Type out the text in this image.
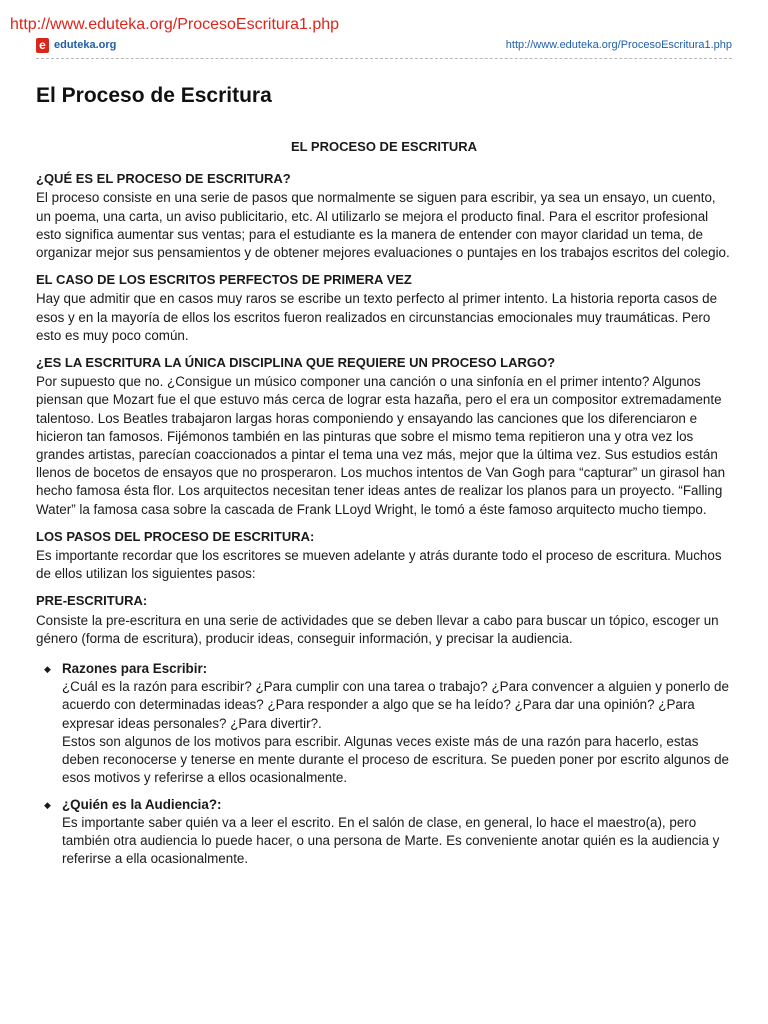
http://www.eduteka.org/ProcesoEscritura1.php
e eduteka.org	http://www.eduteka.org/ProcesoEscritura1.php
El Proceso de Escritura
EL PROCESO DE ESCRITURA
¿QUÉ ES EL PROCESO DE ESCRITURA?

El proceso consiste en una serie de pasos que normalmente se siguen para escribir, ya sea un ensayo, un cuento, un poema, una carta, un aviso publicitario, etc. Al utilizarlo se mejora el producto final. Para el escritor profesional esto significa aumentar sus ventas; para el estudiante es la manera de entender con mayor claridad un tema, de organizar mejor sus pensamientos y de obtener mejores evaluaciones o puntajes en los trabajos escritos del colegio.

EL CASO DE LOS ESCRITOS PERFECTOS DE PRIMERA VEZ

Hay que admitir que en casos muy raros se escribe un texto perfecto al primer intento. La historia reporta casos de esos y en la mayoría de ellos los escritos fueron realizados en circunstancias emocionales muy traumáticas. Pero esto es muy poco común.

¿ES LA ESCRITURA LA ÚNICA DISCIPLINA QUE REQUIERE UN PROCESO LARGO?

Por supuesto que no. ¿Consigue un músico componer una canción o una sinfonía en el primer intento? Algunos piensan que Mozart fue el que estuvo más cerca de lograr esta hazaña, pero el era un compositor extremadamente talentoso. Los Beatles trabajaron largas horas componiendo y ensayando las canciones que los diferenciaron e hicieron tan famosos. Fijémonos también en las pinturas que sobre el mismo tema repitieron una y otra vez los grandes artistas, parecían coaccionados a pintar el tema una vez más, mejor que la última vez. Sus estudios están llenos de bocetos de ensayos que no prosperaron. Los muchos intentos de Van Gogh para “capturar” un girasol han hecho famosa ésta flor. Los arquitectos necesitan tener ideas antes de realizar los planos para un proyecto. “Falling Water” la famosa casa sobre la cascada de Frank LLoyd Wright, le tomó a éste famoso arquitecto mucho tiempo.

LOS PASOS DEL PROCESO DE ESCRITURA:

Es importante recordar que los escritores se mueven adelante y atrás durante todo el proceso de escritura. Muchos de ellos utilizan los siguientes pasos:

PRE-ESCRITURA:

Consiste la pre-escritura en una serie de actividades que se deben llevar a cabo para buscar un tópico, escoger un género (forma de escritura), producir ideas, conseguir información, y precisar la audiencia.

◆ Razones para Escribir:

¿Cuál es la razón para escribir? ¿Para cumplir con una tarea o trabajo? ¿Para convencer a alguien y ponerlo de acuerdo con determinadas ideas? ¿Para responder a algo que se ha leído? ¿Para dar una opinión? ¿Para expresar ideas personales? ¿Para divertir?.

Estos son algunos de los motivos para escribir. Algunas veces existe más de una razón para hacerlo, estas deben reconocerse y tenerse en mente durante el proceso de escritura. Se pueden poner por escrito algunos de esos motivos y referirse a ellos ocasionalmente.

◆ ¿Quién es la Audiencia?:

Es importante saber quién va a leer el escrito. En el salón de clase, en general, lo hace el maestro(a), pero también otra audiencia lo puede hacer, o una persona de Marte. Es conveniente anotar quién es la audiencia y referirse a ella ocasionalmente.
